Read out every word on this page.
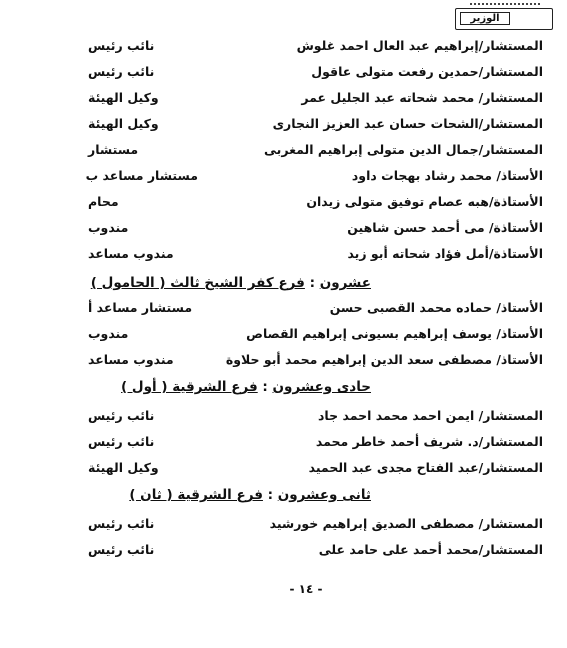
الوزير
المستشار/إبراهيم عبد العال احمد غلوش
نائب رئيس
المستشار/حمدين رفعت متولى عاقول
نائب رئيس
المستشار/ محمد شحاته عبد الجليل عمر
وكيل الهيئة
المستشار/الشحات حسان عبد العزيز النجارى
وكيل الهيئة
المستشار/جمال الدين متولى إبراهيم المغربى
مستشار
الأستاذ/ محمد رشاد بهجات داود
مستشار مساعد ب
الأستاذة/هبه عصام توفيق متولى زيدان
محام
الأستاذة/ مى أحمد حسن شاهين
مندوب
الأستاذة/أمل فؤاد شحاته أبو زيد
مندوب مساعد
عشرون : فرع كفر الشيخ ثالث ( الحامول )
الأستاذ/ حماده محمد القصبى حسن
مستشار مساعد أ
الأستاذ/ يوسف إبراهيم بسيونى إبراهيم القصاص
مندوب
الأستاذ/ مصطفى سعد الدين إبراهيم محمد أبو حلاوة
مندوب مساعد
حادى وعشرون : فرع الشرقية ( أول )
المستشار/ ايمن احمد محمد احمد جاد
نائب رئيس
المستشار/د. شريف أحمد خاطر محمد
نائب رئيس
المستشار/عبد الفتاح مجدى عبد الحميد
وكيل الهيئة
ثانى وعشرون : فرع الشرقية ( ثان )
المستشار/ مصطفى الصديق إبراهيم خورشيد
نائب رئيس
المستشار/محمد أحمد على حامد على
نائب رئيس
- ١٤ -
